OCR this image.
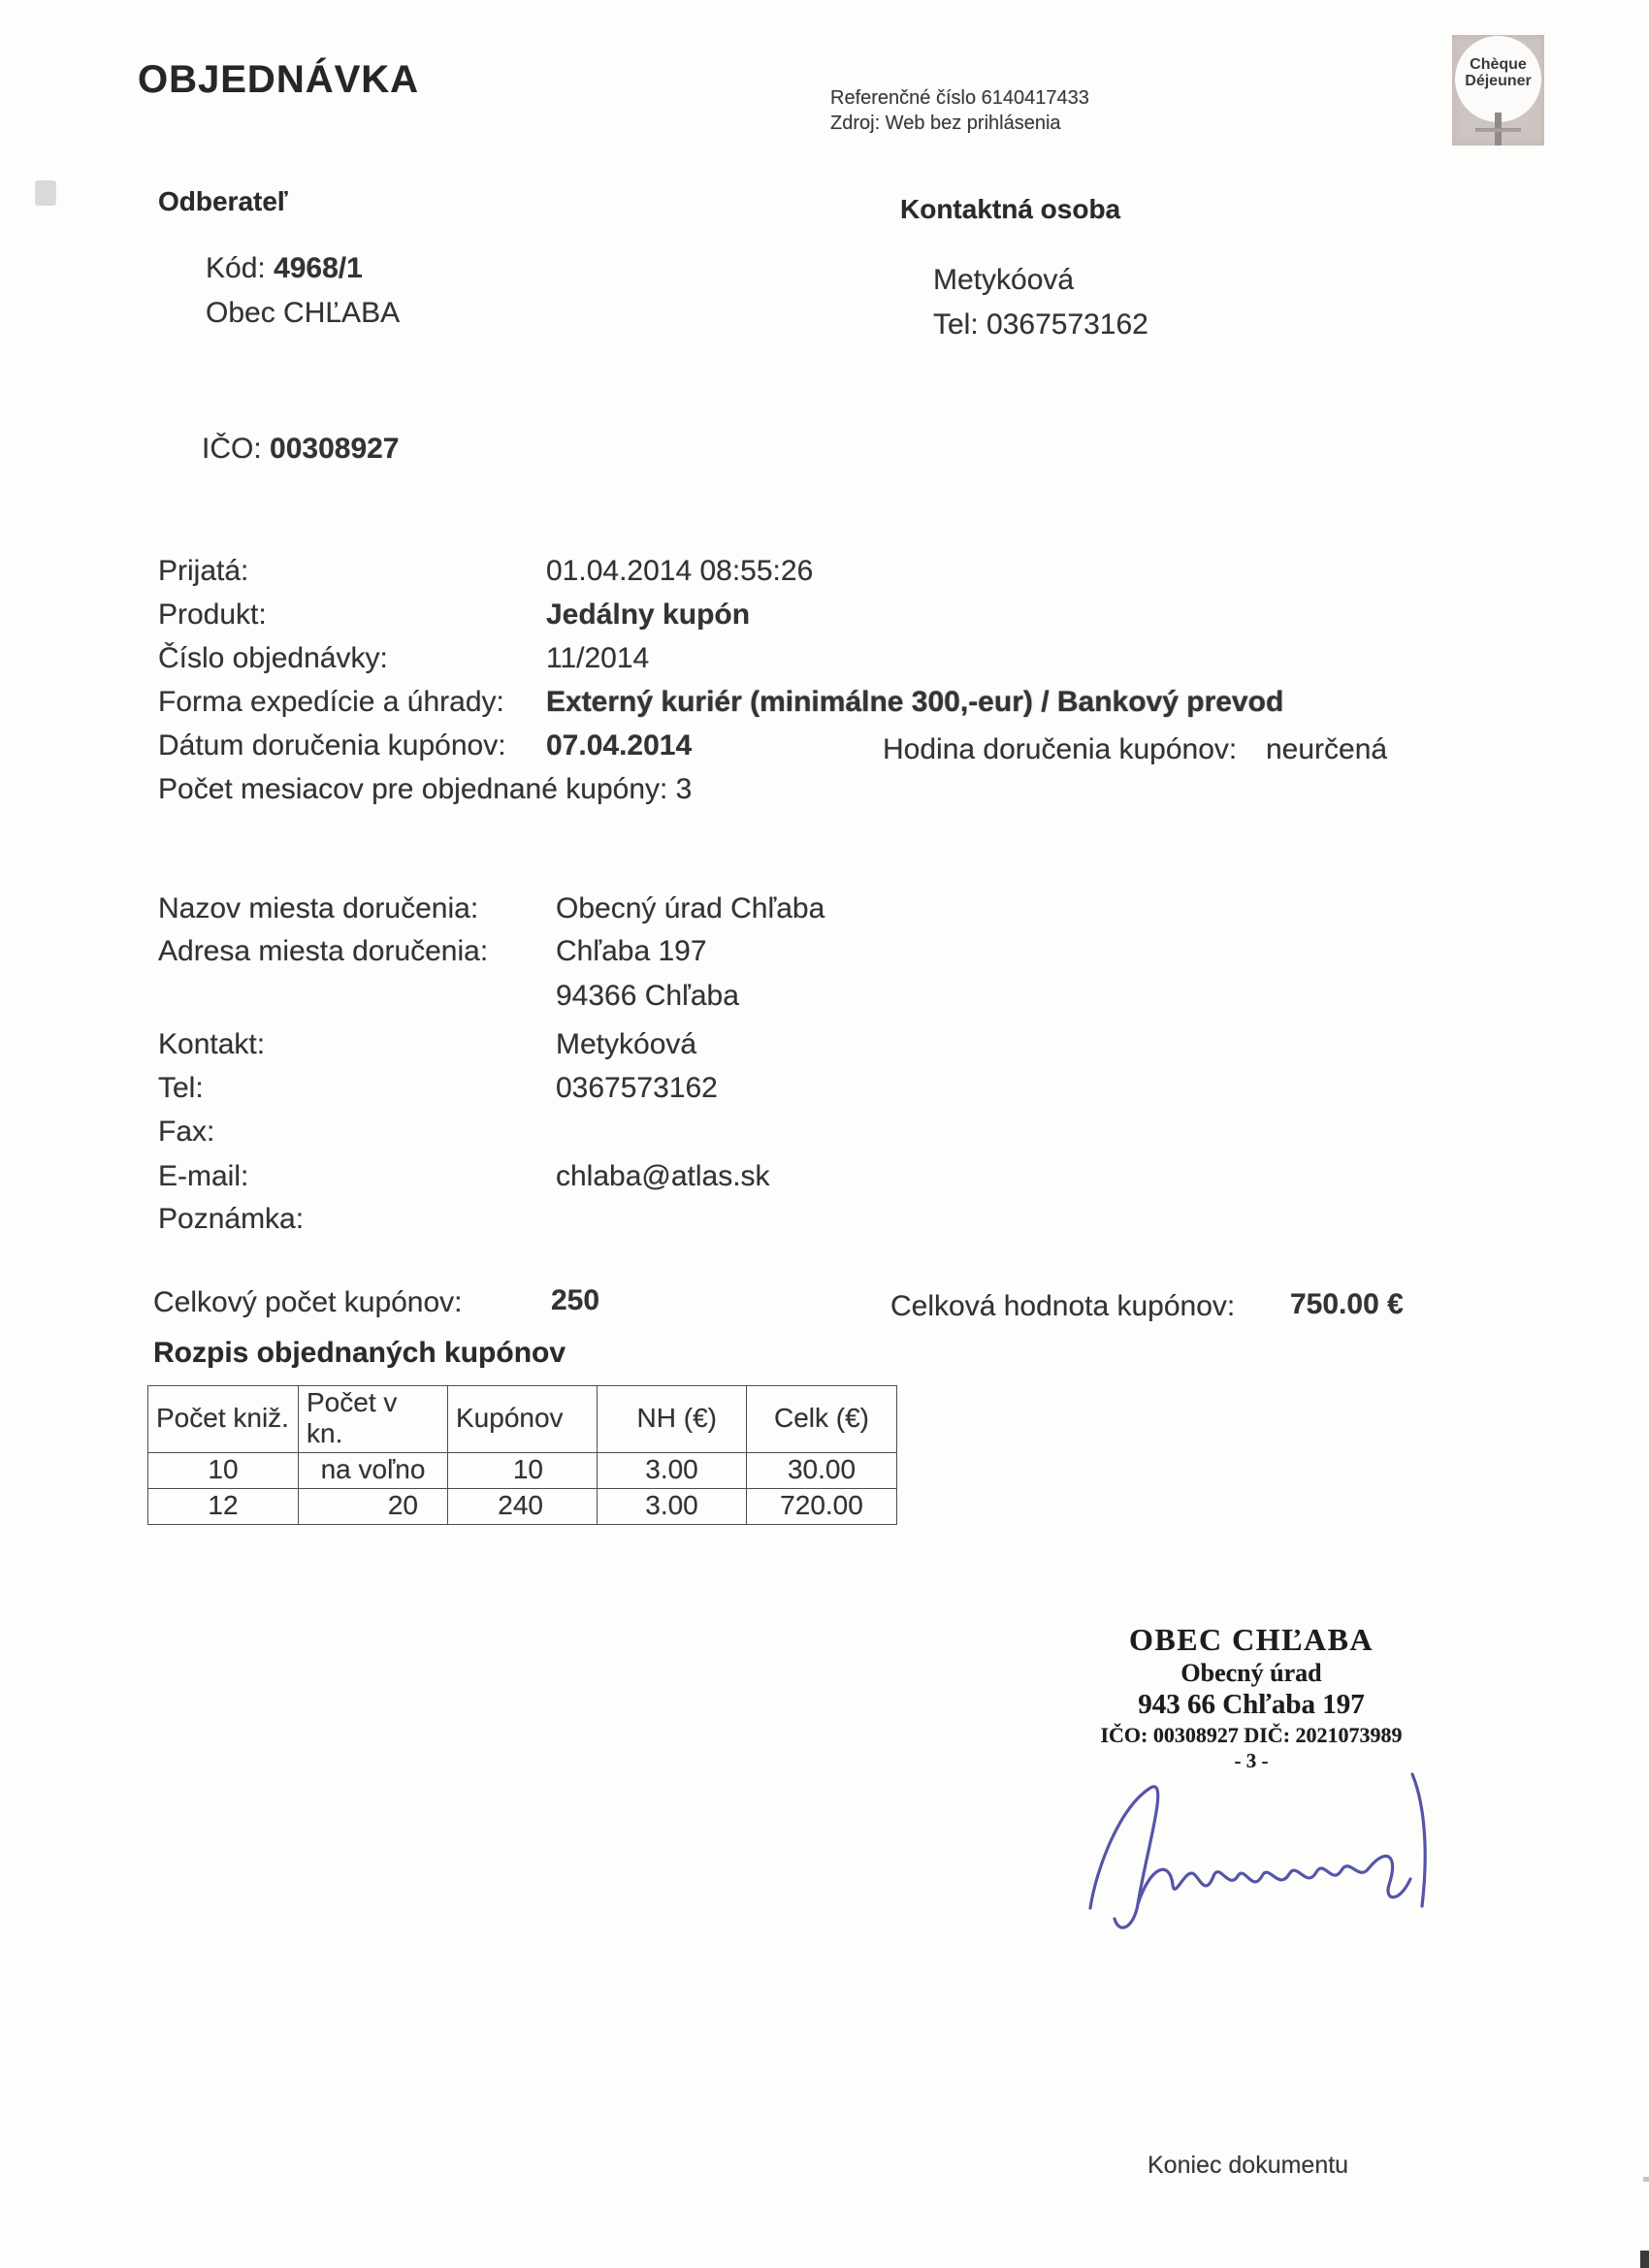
OBJEDNÁVKA	Referenčné číslo 6140417433
Zdroj: Web bez prihlásenia
Chèque
Déjeuner
Odberateľ	Kontaktná osoba
Kód: 4968/1
Obec CHĽABA
Metykóová
Tel: 0367573162
IČO: 00308927
Prijatá:	01.04.2014 08:55:26
Produkt:	Jedálny kupón
Číslo objednávky:	11/2014
Forma expedície a úhrady: Externý kuriér (minimálne 300,-eur) / Bankový prevod
Dátum doručenia kupónov: 07.04.2014	Hodina doručenia kupónov: neurčená
Počet mesiacov pre objednané kupóny: 3
Nazov miesta doručenia:	Obecný úrad Chľaba
Adresa miesta doručenia: Chľaba 197
94366 Chľaba
Kontakt:	Metykóová
Tel:	0367573162
Fax:
E-mail:	chlaba@atlas.sk
Poznámka:
Celkový počet kupónov:	250	Celková hodnota kupónov: 750.00 €
Rozpis objednaných kupónov
Počet kniž.	Počet v kn.	Kupónov	NH (€)	Celk (€)
10	na voľno	10	3.00	30.00
12	20	240	3.00	720.00
OBEC CHĽABA
Obecný úrad
943 66 Chľaba 197
IČO: 00308927 DIČ: 2021073989
- 3 -
Koniec dokumentu
